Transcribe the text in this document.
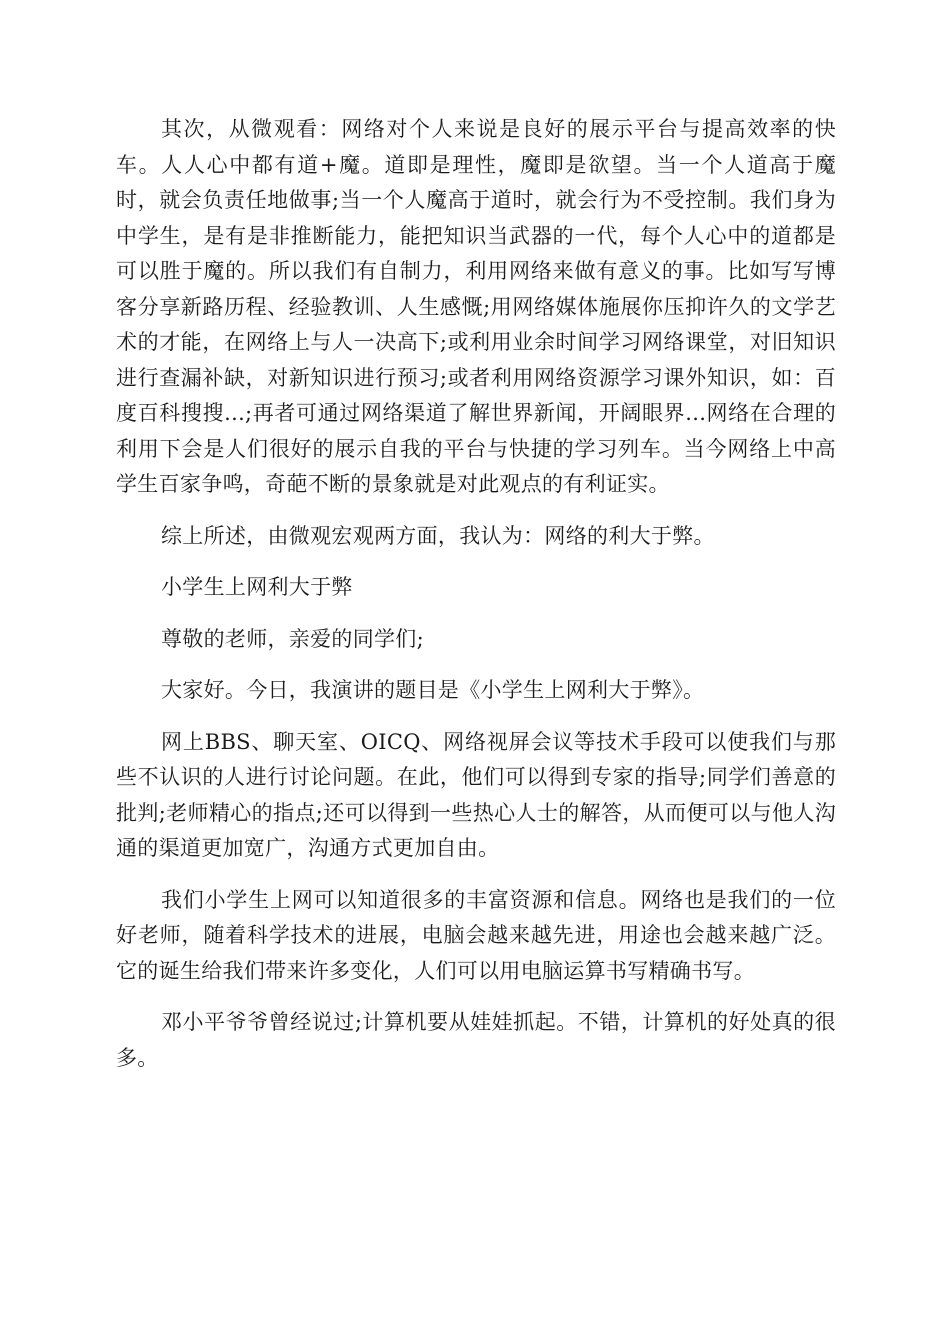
其次，从微观看：网络对个人来说是良好的展示平台与提高效率的快车。人人心中都有道+魔。道即是理性，魔即是欲望。当一个人道高于魔时，就会负责任地做事;当一个人魔高于道时，就会行为不受控制。我们身为中学生，是有是非推断能力，能把知识当武器的一代，每个人心中的道都是可以胜于魔的。所以我们有自制力，利用网络来做有意义的事。比如写写博客分享新路历程、经验教训、人生感慨;用网络媒体施展你压抑许久的文学艺术的才能，在网络上与人一决高下;或利用业余时间学习网络课堂，对旧知识进行查漏补缺，对新知识进行预习;或者利用网络资源学习课外知识，如：百度百科搜搜...;再者可通过网络渠道了解世界新闻，开阔眼界...网络在合理的利用下会是人们很好的展示自我的平台与快捷的学习列车。当今网络上中高学生百家争鸣，奇葩不断的景象就是对此观点的有利证实。

综上所述，由微观宏观两方面，我认为：网络的利大于弊。

小学生上网利大于弊

尊敬的老师，亲爱的同学们;

大家好。今日，我演讲的题目是《小学生上网利大于弊》。

网上BBS、聊天室、OICQ、网络视屏会议等技术手段可以使我们与那些不认识的人进行讨论问题。在此，他们可以得到专家的指导;同学们善意的批判;老师精心的指点;还可以得到一些热心人士的解答，从而便可以与他人沟通的渠道更加宽广，沟通方式更加自由。

我们小学生上网可以知道很多的丰富资源和信息。网络也是我们的一位好老师，随着科学技术的进展，电脑会越来越先进，用途也会越来越广泛。它的诞生给我们带来许多变化，人们可以用电脑运算书写精确书写。

邓小平爷爷曾经说过;计算机要从娃娃抓起。不错，计算机的好处真的很多。
